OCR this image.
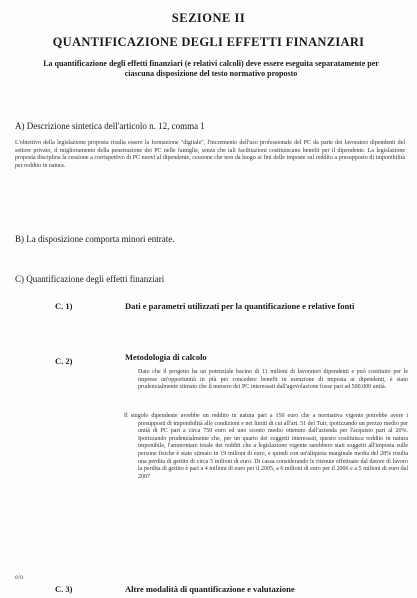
SEZIONE II
QUANTIFICAZIONE DEGLI EFFETTI FINANZIARI
La quantificazione degli effetti finanziari (e relativi calcoli) deve essere eseguita separatamente per ciascuna disposizione del testo normativo proposto
A) Descrizione sintetica dell'articolo n. 12, comma 1
L'obiettivo della legislazione proposta risulta essere la formazione "digitale", l'incremento dell'uso professionale del PC da parte dei lavoratori dipendenti del settore privato, il miglioramento della penetrazione dei PC nelle famiglie, senza che tali facilitazioni costituiscano benefit per il dipendente. La legislazione proposta disciplina la cessione a corrispettivo di PC nuovi al dipendente, cessione che non da luogo ai fini delle imposte sul reddito a presupposto di imponibilità per reddito in natura.
B) La disposizione comporta minori entrate.
C) Quantificazione degli effetti finanziari
C. 1)	Dati e parametri utilizzati per la quantificazione e relative fonti
C. 2)	Metodologia di calcolo
Dato che il progetto ha un potenziale bacino di 11 milioni di lavoratori dipendenti e può costituire per le imprese un'opportunità in più per concedere benefit in esenzione di imposta ai dipendenti, è stato prudenzialmente stimato che il numero dei PC interessati dall'agevolazione fosse pari ad 500.000 unità.
Il singolo dipendente avrebbe un reddito in natura pari a 150 euro che a normativa vigente potrebbe avere i presupposti di imponibilità alle condizioni e nei limiti di cui all'art. 51 del Tuir, ipotizzando un prezzo medio per unità di PC pari a circa 750 euro ed uno sconto medio ottenuto dall'azienda per l'acquisto pari al 20%. Ipotizzando prudenzialmente che, per un quarto dei soggetti interessati, questo costituisca reddito in natura imponibile, l'ammontare totale dei redditi che a legislazione vigente sarebbero stati soggetti all'imposta sulle persone fisiche è stato stimato in 19 milioni di euro, e quindi con un'aliquota marginale media del 28% risulta una perdita di gettito di circa 5 milioni di euro. Di cassa considerando le ritenute effettuate dal datore di lavoro la perdita di gettito è pari a 4 milioni di euro per il 2005, a 6 milioni di euro per il 2006 e a 5 milioni di euro dal 2007
e/o
C. 3)	Altre modalità di quantificazione e valutazione
